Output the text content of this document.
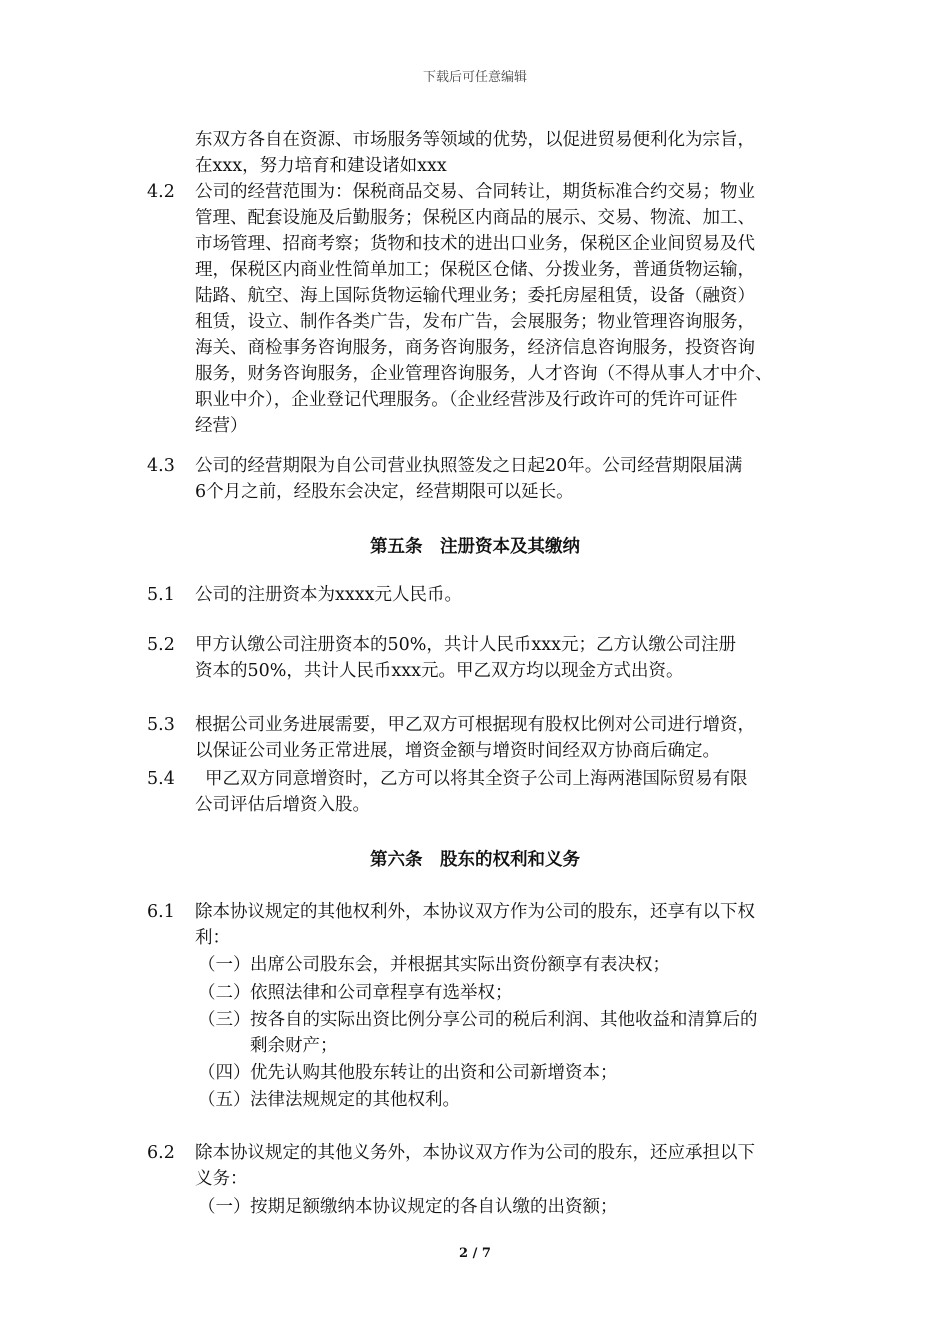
下载后可任意编辑
东双方各自在资源、市场服务等领域的优势，以促进贸易便利化为宗旨，
在xxx，努力培育和建设诸如xxx
4.2 公司的经营范围为：保税商品交易、合同转让，期货标准合约交易；物业
管理、配套设施及后勤服务；保税区内商品的展示、交易、物流、加工、
市场管理、招商考察；货物和技术的进出口业务，保税区企业间贸易及代
理，保税区内商业性简单加工；保税区仓储、分拨业务，普通货物运输，
陆路、航空、海上国际货物运输代理业务；委托房屋租赁，设备（融资）
租赁，设立、制作各类广告，发布广告，会展服务；物业管理咨询服务，
海关、商检事务咨询服务，商务咨询服务，经济信息咨询服务，投资咨询
服务，财务咨询服务，企业管理咨询服务，人才咨询（不得从事人才中介、
职业中介），企业登记代理服务。（企业经营涉及行政许可的凭许可证件
经营）
4.3 公司的经营期限为自公司营业执照签发之日起20年。公司经营期限届满
6个月之前，经股东会决定，经营期限可以延长。
第五条　注册资本及其缴纳
5.1 公司的注册资本为xxxx元人民币。
5.2 甲方认缴公司注册资本的50%，共计人民币xxx元；乙方认缴公司注册
资本的50%，共计人民币xxx元。甲乙双方均以现金方式出资。
5.3 根据公司业务进展需要，甲乙双方可根据现有股权比例对公司进行增资，
以保证公司业务正常进展，增资金额与增资时间经双方协商后确定。
5.4	甲乙双方同意增资时，乙方可以将其全资子公司上海两港国际贸易有限
公司评估后增资入股。
第六条　股东的权利和义务
6.1 除本协议规定的其他权利外，本协议双方作为公司的股东，还享有以下权
利：
（一） 出席公司股东会，并根据其实际出资份额享有表决权；
（二） 依照法律和公司章程享有选举权；
（三） 按各自的实际出资比例分享公司的税后利润、其他收益和清算后的
剩余财产；
（四） 优先认购其他股东转让的出资和公司新增资本；
（五） 法律法规规定的其他权利。
6.2 除本协议规定的其他义务外，本协议双方作为公司的股东，还应承担以下
义务：
（一） 按期足额缴纳本协议规定的各自认缴的出资额；
2 / 7
